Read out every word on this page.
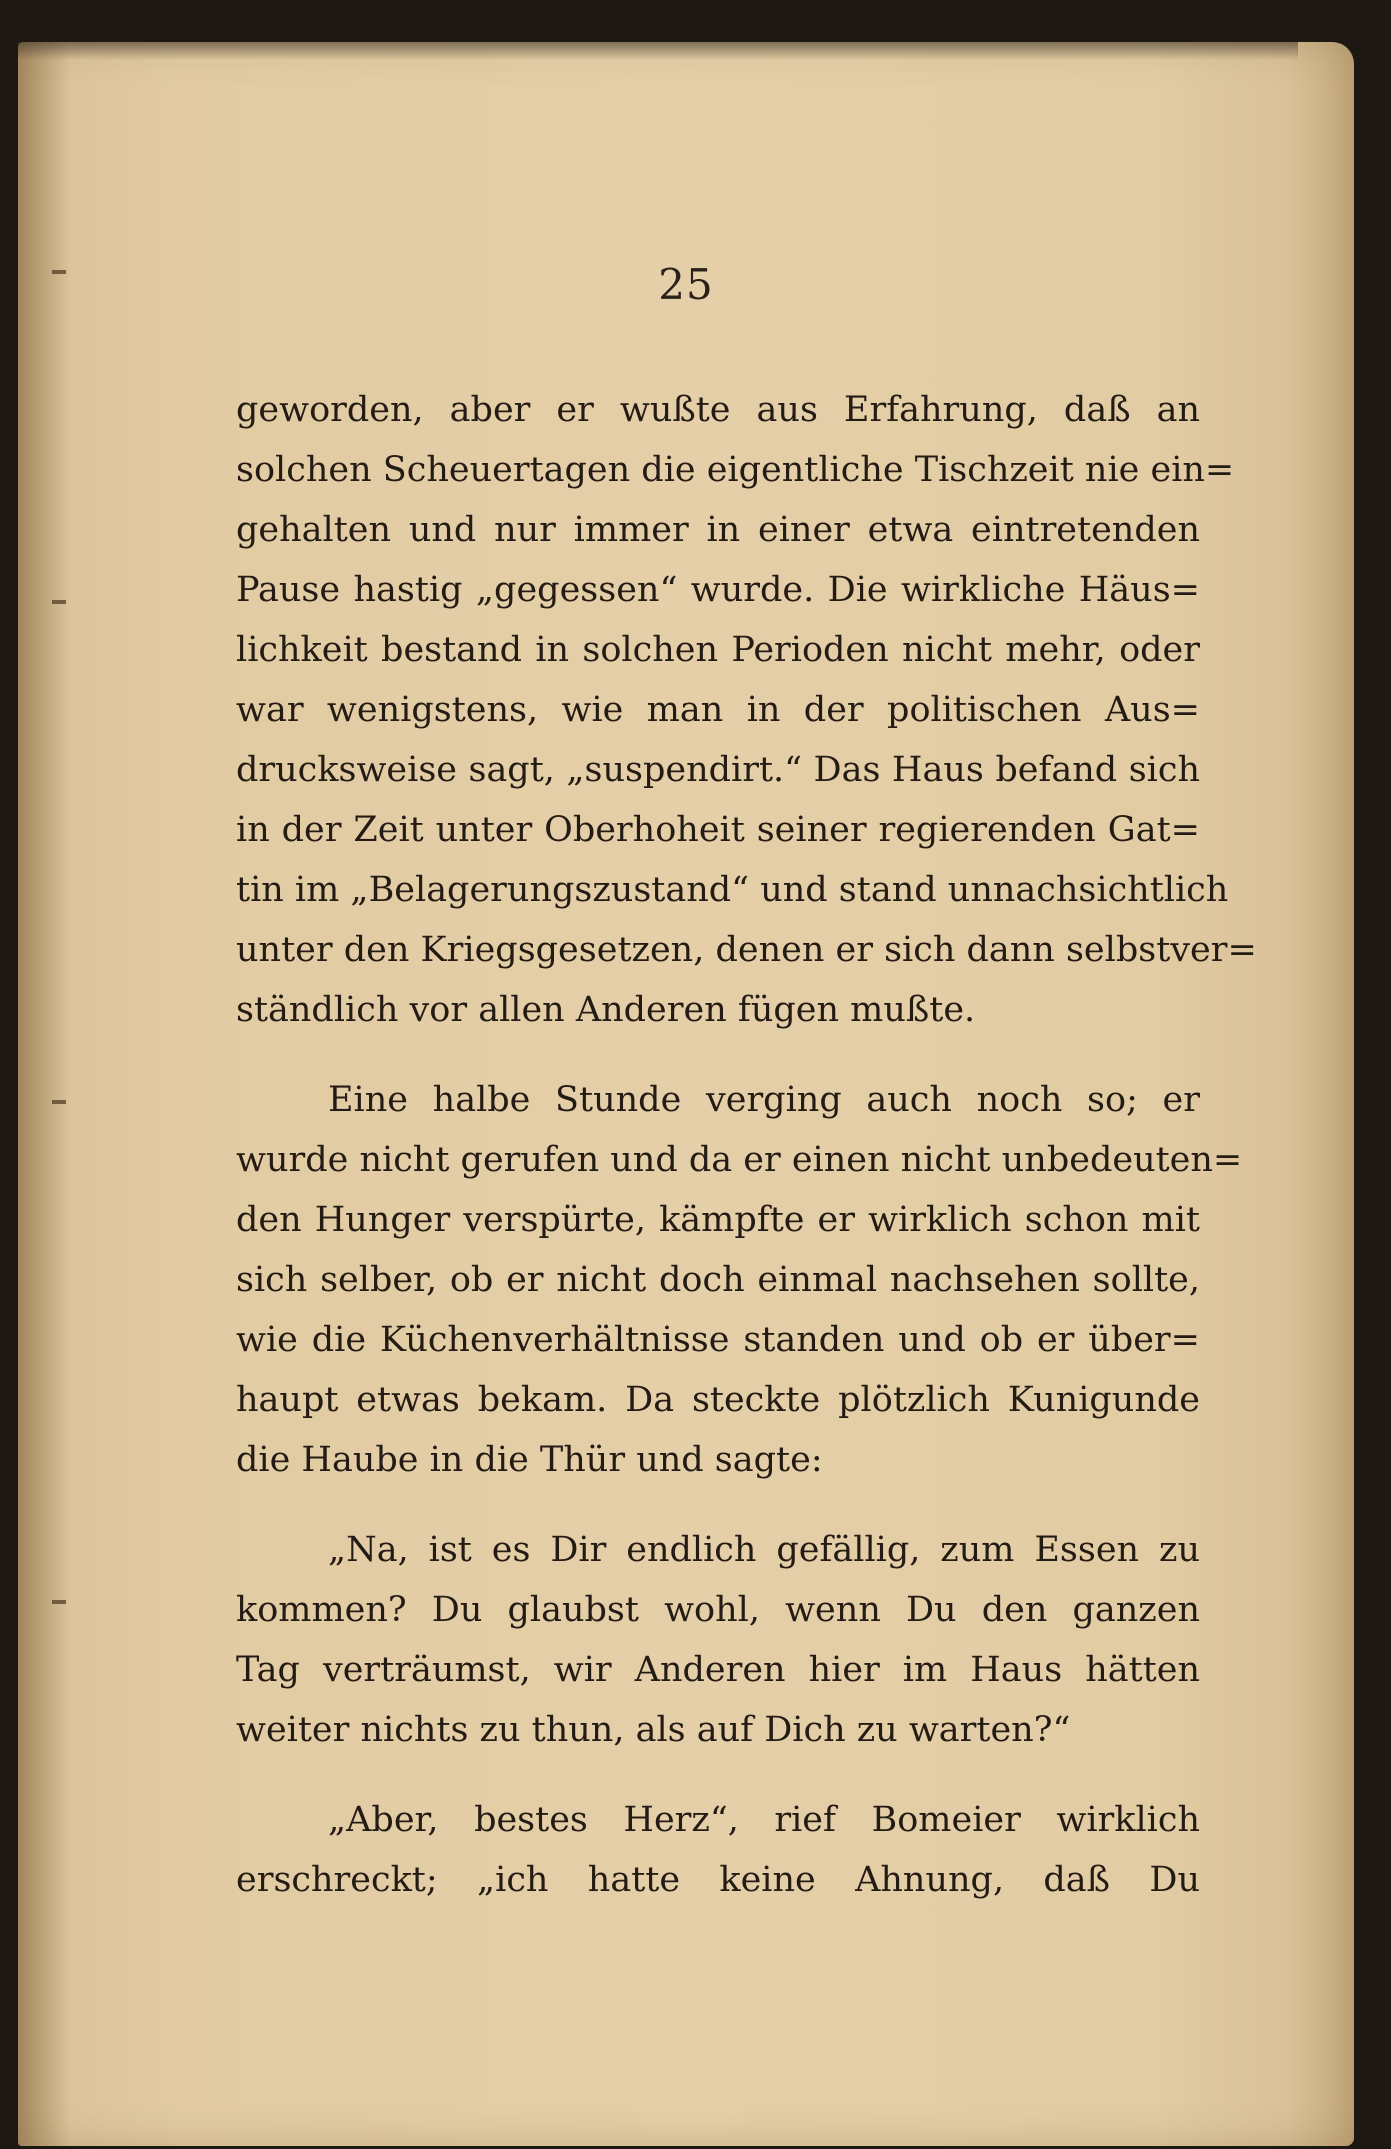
25

geworden, aber er wußte aus Erfahrung, daß an
solchen Scheuertagen die eigentliche Tischzeit nie ein=
gehalten und nur immer in einer etwa eintretenden
Pause hastig „gegessen“ wurde. Die wirkliche Häus=
lichkeit bestand in solchen Perioden nicht mehr, oder
war wenigstens, wie man in der politischen Aus=
drucksweise sagt, „suspendirt.“ Das Haus befand sich
in der Zeit unter Oberhoheit seiner regierenden Gat=
tin im „Belagerungszustand“ und stand unnachsichtlich
unter den Kriegsgesetzen, denen er sich dann selbstver=
ständlich vor allen Anderen fügen mußte.

Eine halbe Stunde verging auch noch so; er
wurde nicht gerufen und da er einen nicht unbedeuten=
den Hunger verspürte, kämpfte er wirklich schon mit
sich selber, ob er nicht doch einmal nachsehen sollte,
wie die Küchenverhältnisse standen und ob er über=
haupt etwas bekam. Da steckte plötzlich Kunigunde
die Haube in die Thür und sagte:

„Na, ist es Dir endlich gefällig, zum Essen zu
kommen? Du glaubst wohl, wenn Du den ganzen
Tag verträumst, wir Anderen hier im Haus hätten
weiter nichts zu thun, als auf Dich zu warten?“

„Aber, bestes Herz“, rief Bomeier wirklich
erschreckt; „ich hatte keine Ahnung, daß Du
